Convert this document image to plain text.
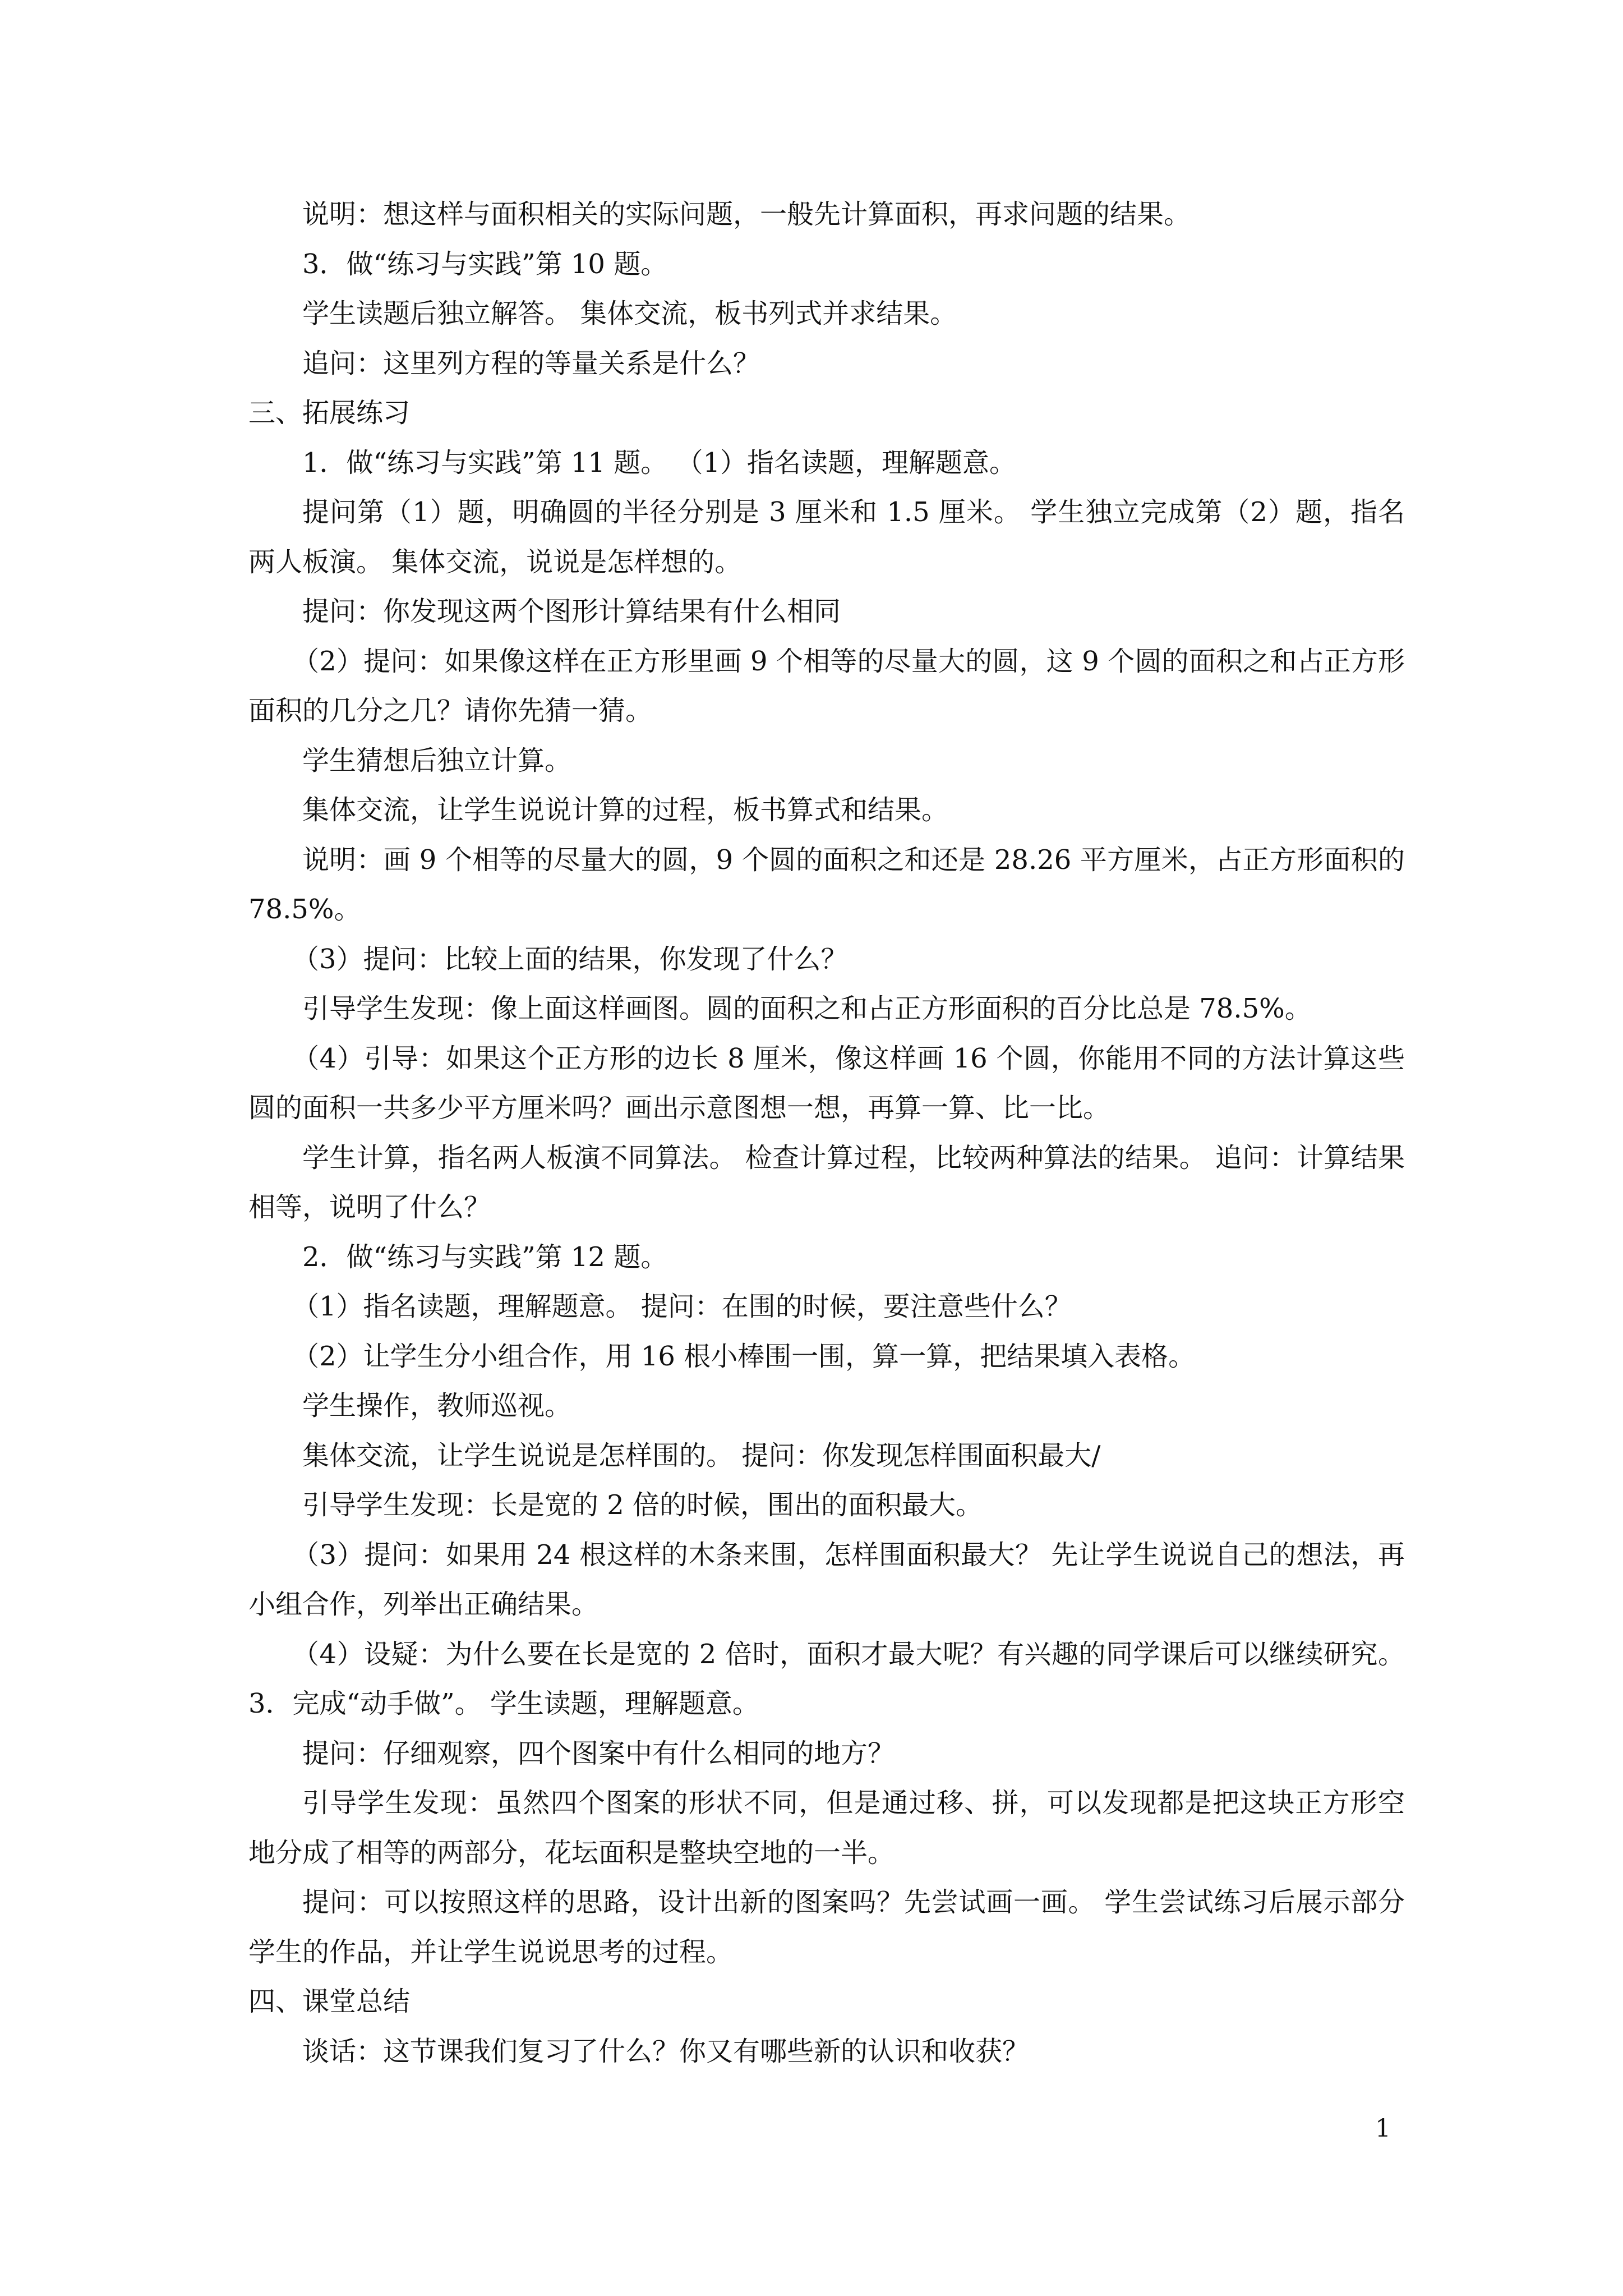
说明：想这样与面积相关的实际问题，一般先计算面积，再求问题的结果。

3．做“练习与实践”第 10 题。

学生读题后独立解答。 集体交流，板书列式并求结果。

追问：这里列方程的等量关系是什么？

三、拓展练习

1．做“练习与实践”第 11 题。 （1）指名读题，理解题意。

提问第（1）题，明确圆的半径分别是 3 厘米和 1.5 厘米。 学生独立完成第（2）题，指名两人板演。 集体交流，说说是怎样想的。

提问：你发现这两个图形计算结果有什么相同

（2）提问：如果像这样在正方形里画 9 个相等的尽量大的圆，这 9 个圆的面积之和占正方形面积的几分之几？请你先猜一猜。

学生猜想后独立计算。

集体交流，让学生说说计算的过程，板书算式和结果。

说明：画 9 个相等的尽量大的圆，9 个圆的面积之和还是 28.26 平方厘米，占正方形面积的 78.5%。

（3）提问：比较上面的结果，你发现了什么？

引导学生发现：像上面这样画图。圆的面积之和占正方形面积的百分比总是 78.5%。

（4）引导：如果这个正方形的边长 8 厘米，像这样画 16 个圆，你能用不同的方法计算这些圆的面积一共多少平方厘米吗？画出示意图想一想，再算一算、比一比。

学生计算，指名两人板演不同算法。 检查计算过程，比较两种算法的结果。 追问：计算结果相等，说明了什么？

2．做“练习与实践”第 12 题。

（1）指名读题，理解题意。 提问：在围的时候，要注意些什么？

（2）让学生分小组合作，用 16 根小棒围一围，算一算，把结果填入表格。

学生操作，教师巡视。

集体交流，让学生说说是怎样围的。 提问：你发现怎样围面积最大/

引导学生发现：长是宽的 2 倍的时候，围出的面积最大。

（3）提问：如果用 24 根这样的木条来围，怎样围面积最大？ 先让学生说说自己的想法，再小组合作，列举出正确结果。

（4）设疑：为什么要在长是宽的 2 倍时，面积才最大呢？有兴趣的同学课后可以继续研究。 3．完成“动手做”。 学生读题，理解题意。

提问：仔细观察，四个图案中有什么相同的地方？

引导学生发现：虽然四个图案的形状不同，但是通过移、拼，可以发现都是把这块正方形空地分成了相等的两部分，花坛面积是整块空地的一半。

提问：可以按照这样的思路，设计出新的图案吗？先尝试画一画。 学生尝试练习后展示部分学生的作品，并让学生说说思考的过程。

四、课堂总结

谈话：这节课我们复习了什么？你又有哪些新的认识和收获？

1
